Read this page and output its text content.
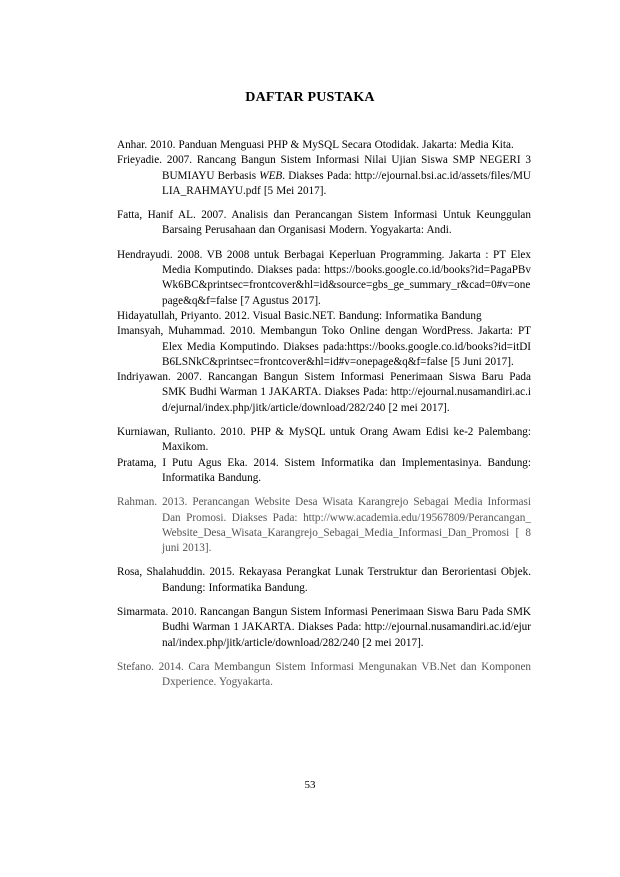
DAFTAR PUSTAKA
Anhar. 2010. Panduan Menguasi PHP & MySQL Secara Otodidak. Jakarta: Media Kita.
Frieyadie. 2007. Rancang Bangun Sistem Informasi Nilai Ujian Siswa SMP NEGERI 3 BUMIAYU Berbasis WEB. Diakses Pada: http://ejournal.bsi.ac.id/assets/files/MULIA_RAHMAYU.pdf [5 Mei 2017].
Fatta, Hanif AL. 2007. Analisis dan Perancangan Sistem Informasi Untuk Keunggulan Barsaing Perusahaan dan Organisasi Modern. Yogyakarta: Andi.
Hendrayudi. 2008. VB 2008 untuk Berbagai Keperluan Programming. Jakarta : PT Elex Media Komputindo. Diakses pada: https://books.google.co.id/books?id=PagaPBvWk6BC&printsec=frontcover&hl=id&source=gbs_ge_summary_r&cad=0#v=onepage&q&f=false [7 Agustus 2017].
Hidayatullah, Priyanto. 2012. Visual Basic.NET. Bandung: Informatika Bandung
Imansyah, Muhammad. 2010. Membangun Toko Online dengan WordPress. Jakarta: PT Elex Media Komputindo. Diakses pada:https://books.google.co.id/books?id=itDIB6LSNkC&printsec=frontcover&hl=id#v=onepage&q&f=false [5 Juni 2017].
Indriyawan. 2007. Rancangan Bangun Sistem Informasi Penerimaan Siswa Baru Pada SMK Budhi Warman 1 JAKARTA. Diakses Pada: http://ejournal.nusamandiri.ac.id/ejurnal/index.php/jitk/article/download/282/240 [2 mei 2017].
Kurniawan, Rulianto. 2010. PHP & MySQL untuk Orang Awam Edisi ke-2 Palembang: Maxikom.
Pratama, I Putu Agus Eka. 2014. Sistem Informatika dan Implementasinya. Bandung: Informatika Bandung.
Rahman. 2013. Perancangan Website Desa Wisata Karangrejo Sebagai Media Informasi Dan Promosi. Diakses Pada: http://www.academia.edu/19567809/Perancangan_Website_Desa_Wisata_Karangrejo_Sebagai_Media_Informasi_Dan_Promosi [ 8 juni 2013].
Rosa, Shalahuddin. 2015. Rekayasa Perangkat Lunak Terstruktur dan Berorientasi Objek. Bandung: Informatika Bandung.
Simarmata. 2010. Rancangan Bangun Sistem Informasi Penerimaan Siswa Baru Pada SMK Budhi Warman 1 JAKARTA. Diakses Pada: http://ejournal.nusamandiri.ac.id/ejurnal/index.php/jitk/article/download/282/240 [2 mei 2017].
Stefano. 2014. Cara Membangun Sistem Informasi Mengunakan VB.Net dan Komponen Dxperience. Yogyakarta.
53
